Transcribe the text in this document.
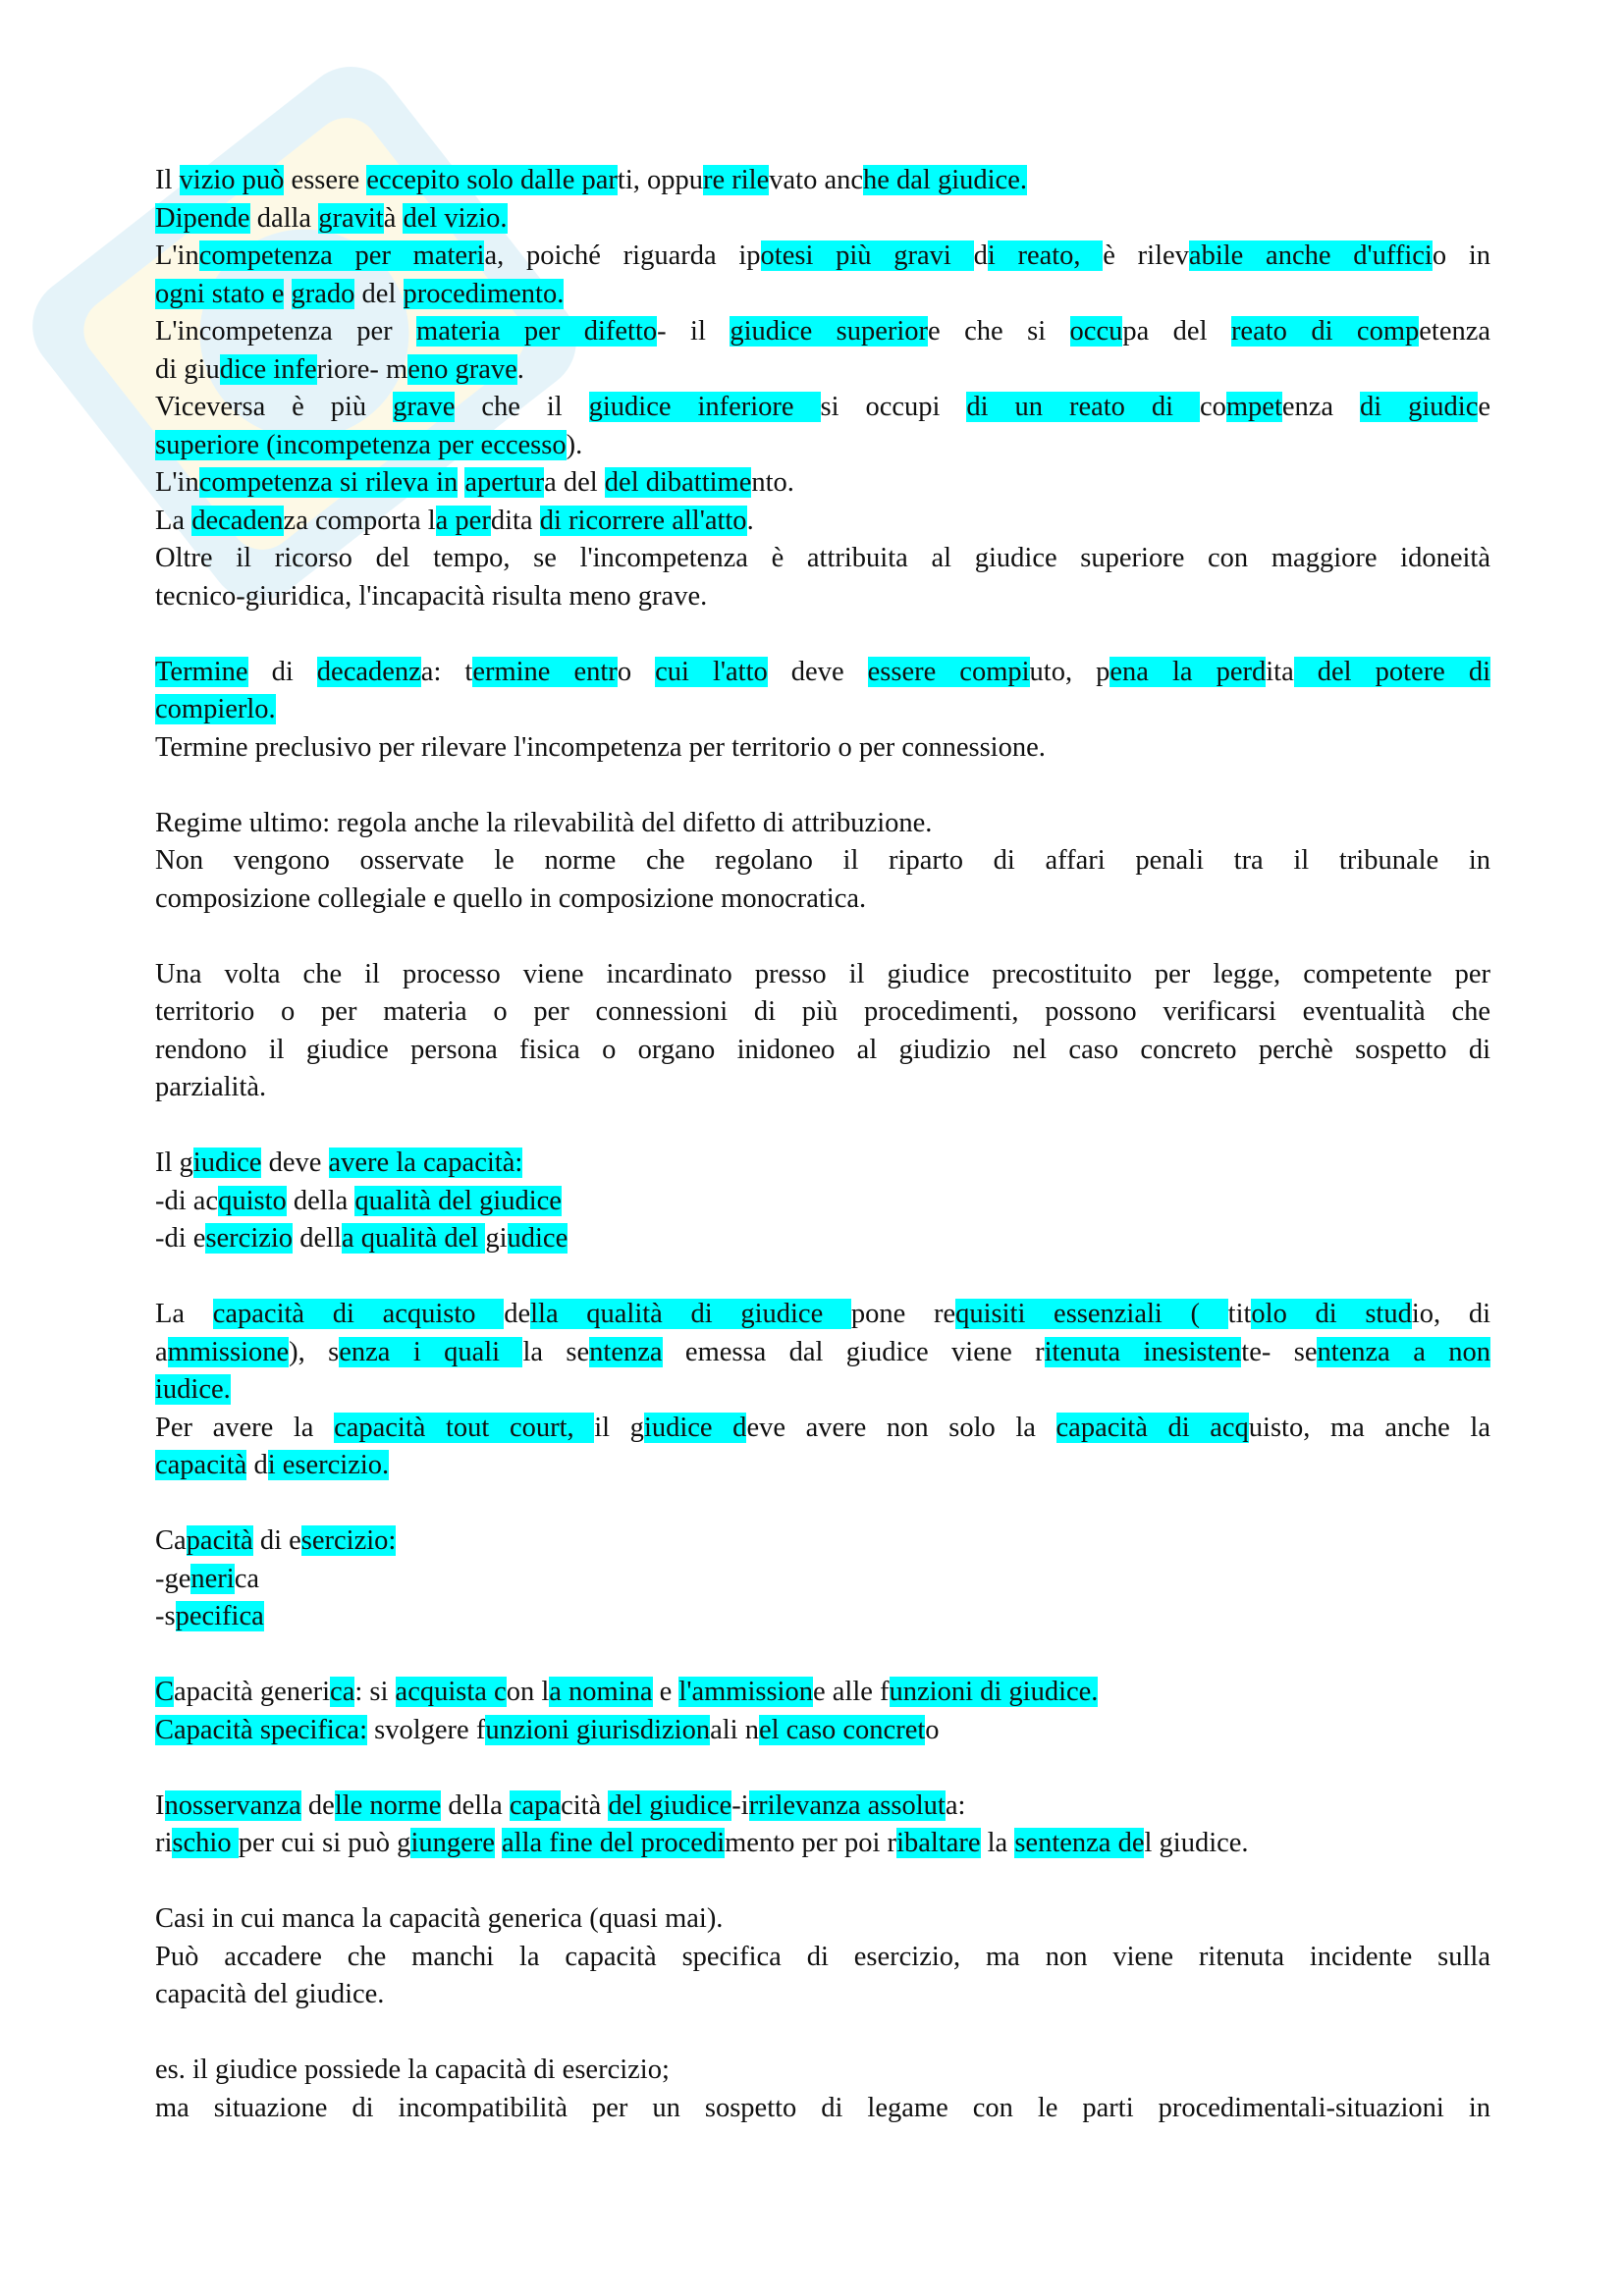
Il vizio può essere eccepito solo dalle parti, oppure rilevato anche dal giudice.
Dipende dalla gravità del vizio.
L'incompetenza per materia, poiché riguarda ipotesi più gravi di reato, è rilevabile anche d'ufficio in
ogni stato e grado del procedimento.
L'incompetenza per materia per difetto- il giudice superiore che si occupa del reato di competenza
di giudice inferiore- meno grave.
Viceversa è più grave che il giudice inferiore si occupi di un reato di competenza di giudice
superiore (incompetenza per eccesso).
L'incompetenza si rileva in apertura del del dibattimento.
La decadenza comporta la perdita di ricorrere all'atto.
Oltre il ricorso del tempo, se l'incompetenza è attribuita al giudice superiore con maggiore idoneità
tecnico-giuridica, l'incapacità risulta meno grave.
Termine di decadenza: termine entro cui l'atto deve essere compiuto, pena la perdita del potere di
compierlo.
Termine preclusivo per rilevare l'incompetenza per territorio o per connessione.
Regime ultimo: regola anche la rilevabilità del difetto di attribuzione.
Non vengono osservate le norme che regolano il riparto di affari penali tra il tribunale in
composizione collegiale e quello in composizione monocratica.
Una volta che il processo viene incardinato presso il giudice precostituito per legge, competente per
territorio o per materia o per connessioni di più procedimenti, possono verificarsi eventualità che
rendono il giudice persona fisica o organo inidoneo al giudizio nel caso concreto perchè sospetto di
parzialità.
Il giudice deve avere la capacità:
-di acquisto della qualità del giudice
-di esercizio della qualità del giudice
La capacità di acquisto della qualità di giudice pone requisiti essenziali ( titolo di studio, di
ammissione), senza i quali la sentenza emessa dal giudice viene ritenuta inesistente- sentenza a non
iudice.
Per avere la capacità tout court, il giudice deve avere non solo la capacità di acquisto, ma anche la
capacità di esercizio.
Capacità di esercizio:
-generica
-specifica
Capacità generica: si acquista con la nomina e l'ammissione alle funzioni di giudice.
Capacità specifica: svolgere funzioni giurisdizionali nel caso concreto
Inosservanza delle norme della capacità del giudice-irrilevanza assoluta:
rischio per cui si può giungere alla fine del procedimento per poi ribaltare la sentenza del giudice.
Casi in cui manca la capacità generica (quasi mai).
Può accadere che manchi la capacità specifica di esercizio, ma non viene ritenuta incidente sulla
capacità del giudice.
es. il giudice possiede la capacità di esercizio;
ma situazione di incompatibilità per un sospetto di legame con le parti procedimentali-situazioni in
